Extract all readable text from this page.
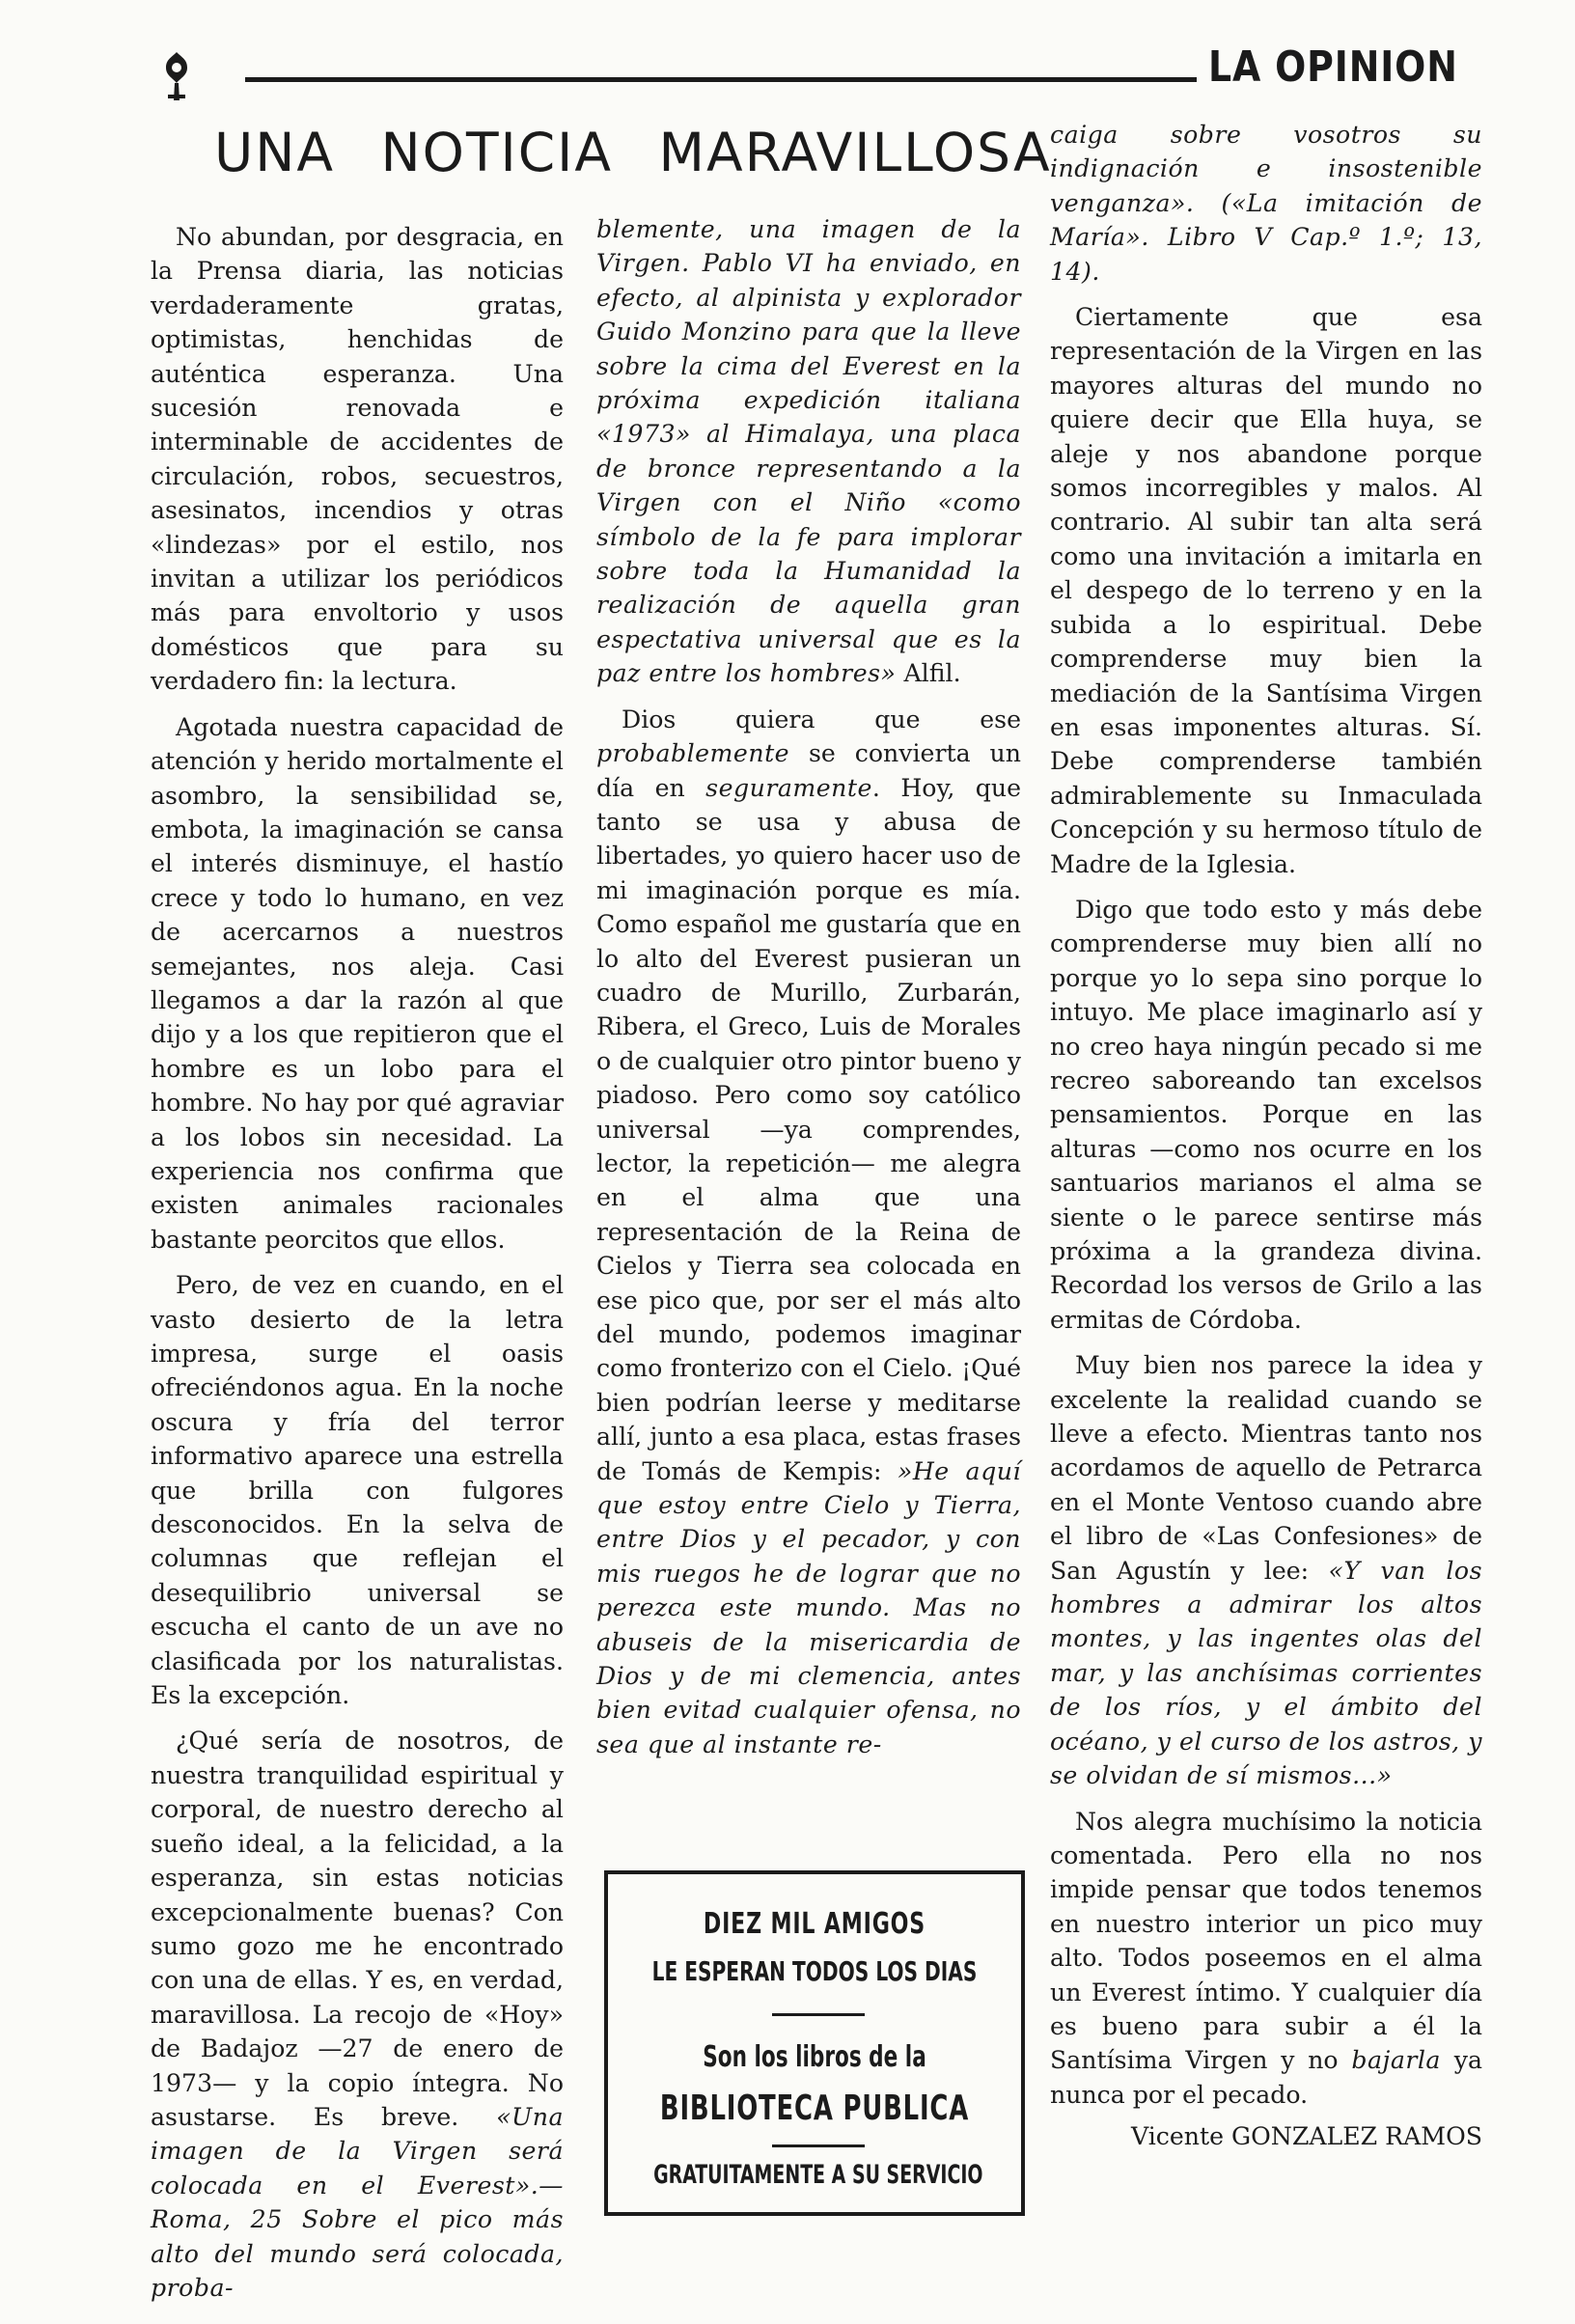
LA OPINION
UNA NOTICIA MARAVILLOSA

No abundan, por desgracia, en la Prensa diaria, las noticias verdaderamente gratas, optimistas, henchidas de auténtica esperanza. Una sucesión renovada e interminable de accidentes de circulación, robos, secuestros, asesinatos, incendios y otras «lindezas» por el estilo, nos invitan a utilizar los periódicos más para envoltorio y usos domésticos que para su verdadero fin: la lectura.

Agotada nuestra capacidad de atención y herido mortalmente el asombro, la sensibilidad se, embota, la imaginación se cansa el interés disminuye, el hastío crece y todo lo humano, en vez de acercarnos a nuestros semejantes, nos aleja. Casi llegamos a dar la razón al que dijo y a los que repitieron que el hombre es un lobo para el hombre. No hay por qué agraviar a los lobos sin necesidad. La experiencia nos confirma que existen animales racionales bastante peorcitos que ellos.

Pero, de vez en cuando, en el vasto desierto de la letra impresa, surge el oasis ofreciéndonos agua. En la noche oscura y fría del terror informativo aparece una estrella que brilla con fulgores desconocidos. En la selva de columnas que reflejan el desequilibrio universal se escucha el canto de un ave no clasificada por los naturalistas. Es la excepción.

¿Qué sería de nosotros, de nuestra tranquilidad espiritual y corporal, de nuestro derecho al sueño ideal, a la felicidad, a la esperanza, sin estas noticias excepcionalmente buenas? Con sumo gozo me he encontrado con una de ellas. Y es, en verdad, maravillosa. La recojo de «Hoy» de Badajoz —27 de enero de 1973— y la copio íntegra. No asustarse. Es breve. «Una imagen de la Virgen será colocada en el Everest».—Roma, 25 Sobre el pico más alto del mundo será colocada, proba-

blemente, una imagen de la Virgen. Pablo VI ha enviado, en efecto, al alpinista y explorador Guido Monzino para que la lleve sobre la cima del Everest en la próxima expedición italiana «1973» al Himalaya, una placa de bronce representando a la Virgen con el Niño «como símbolo de la fe para implorar sobre toda la Humanidad la realización de aquella gran espectativa universal que es la paz entre los hombres» Alfil.

Dios quiera que ese probablemente se convierta un día en seguramente. Hoy, que tanto se usa y abusa de libertades, yo quiero hacer uso de mi imaginación porque es mía. Como español me gustaría que en lo alto del Everest pusieran un cuadro de Murillo, Zurbarán, Ribera, el Greco, Luis de Morales o de cualquier otro pintor bueno y piadoso. Pero como soy católico universal —ya comprendes, lector, la repetición— me alegra en el alma que una representación de la Reina de Cielos y Tierra sea colocada en ese pico que, por ser el más alto del mundo, podemos imaginar como fronterizo con el Cielo. ¡Qué bien podrían leerse y meditarse allí, junto a esa placa, estas frases de Tomás de Kempis: »He aquí que estoy entre Cielo y Tierra, entre Dios y el pecador, y con mis ruegos he de lograr que no perezca este mundo. Mas no abuseis de la misericardia de Dios y de mi clemencia, antes bien evitad cualquier ofensa, no sea que al instante re-

DIEZ MIL AMIGOS
LE ESPERAN TODOS LOS DIAS
Son los libros de la
BIBLIOTECA PUBLICA
GRATUITAMENTE A SU SERVICIO

caiga sobre vosotros su indignación e insostenible venganza». («La imitación de María». Libro V Cap.º 1.º; 13, 14).

Ciertamente que esa representación de la Virgen en las mayores alturas del mundo no quiere decir que Ella huya, se aleje y nos abandone porque somos incorregibles y malos. Al contrario. Al subir tan alta será como una invitación a imitarla en el despego de lo terreno y en la subida a lo espiritual. Debe comprenderse muy bien la mediación de la Santísima Virgen en esas imponentes alturas. Sí. Debe comprenderse también admirablemente su Inmaculada Concepción y su hermoso título de Madre de la Iglesia.

Digo que todo esto y más debe comprenderse muy bien allí no porque yo lo sepa sino porque lo intuyo. Me place imaginarlo así y no creo haya ningún pecado si me recreo saboreando tan excelsos pensamientos. Porque en las alturas —como nos ocurre en los santuarios marianos el alma se siente o le parece sentirse más próxima a la grandeza divina. Recordad los versos de Grilo a las ermitas de Córdoba.

Muy bien nos parece la idea y excelente la realidad cuando se lleve a efecto. Mientras tanto nos acordamos de aquello de Petrarca en el Monte Ventoso cuando abre el libro de «Las Confesiones» de San Agustín y lee: «Y van los hombres a admirar los altos montes, y las ingentes olas del mar, y las anchísimas corrientes de los ríos, y el ámbito del océano, y el curso de los astros, y se olvidan de sí mismos...»

Nos alegra muchísimo la noticia comentada. Pero ella no nos impide pensar que todos tenemos en nuestro interior un pico muy alto. Todos poseemos en el alma un Everest íntimo. Y cualquier día es bueno para subir a él la Santísima Virgen y no bajarla ya nunca por el pecado.

Vicente GONZALEZ RAMOS
